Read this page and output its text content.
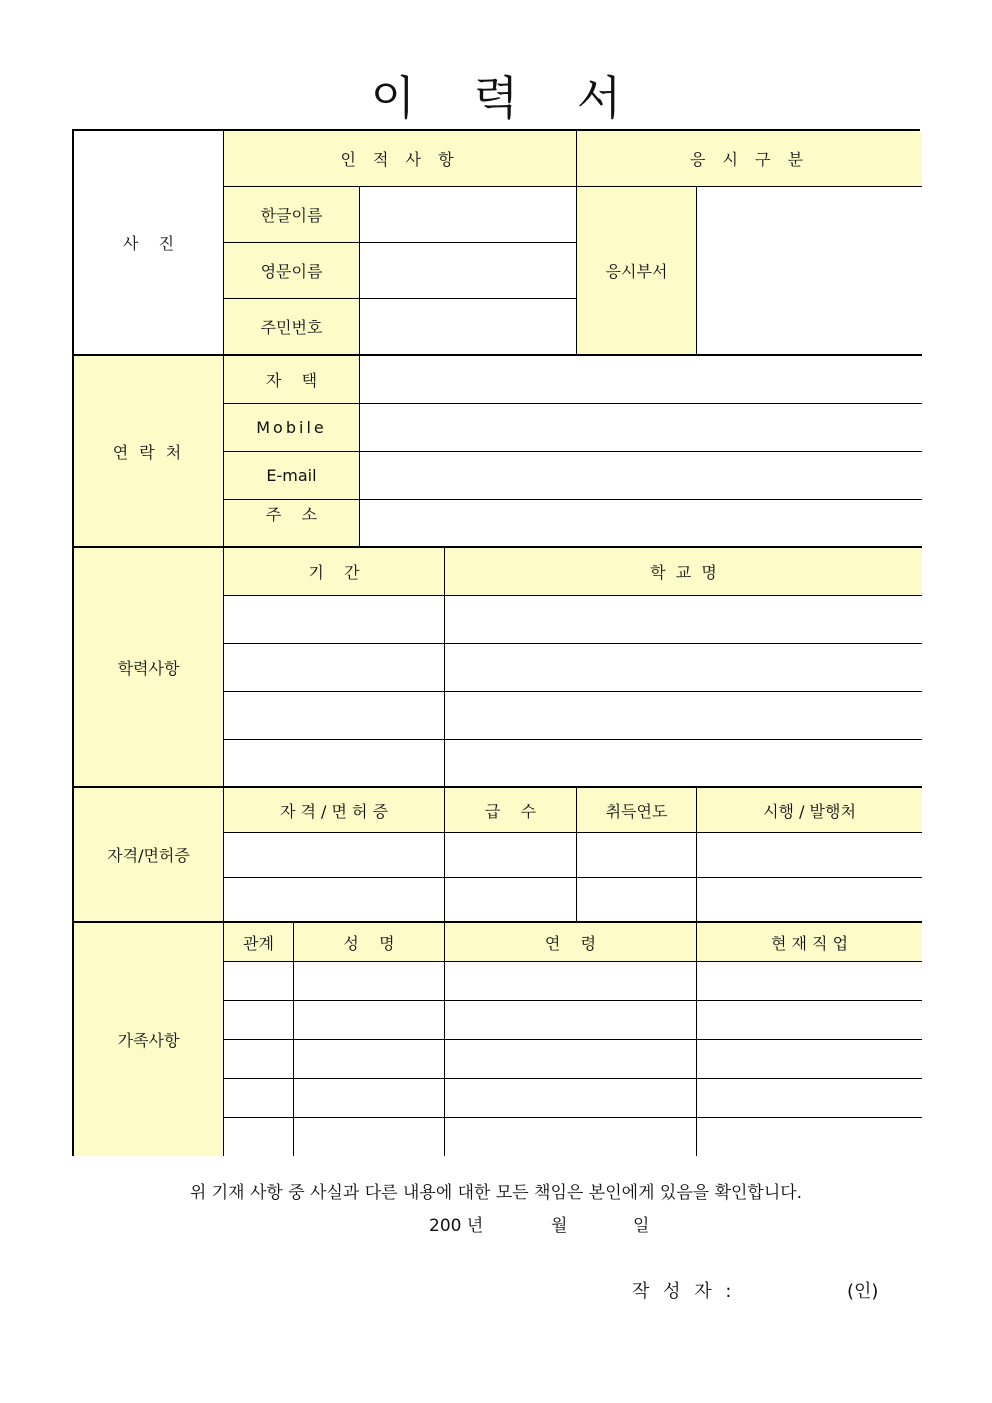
이 력 서
사    진
인 적 사 항	응 시 구 분
한글이름
영문이름
주민번호
응시부서
연 락 처
자    택
Mobile
E-mail
주    소
학력사항
기    간	학  교  명
자격/면허증
자 격 / 면 허 증	급    수	취득연도	시행 / 발행처
가족사항
관계	성    명	연    령	현 재 직 업
위 기재 사항 중 사실과 다른 내용에 대한 모든 책임은 본인에게 있음을 확인합니다.
200 년	월	일
작 성 자 :	(인)
